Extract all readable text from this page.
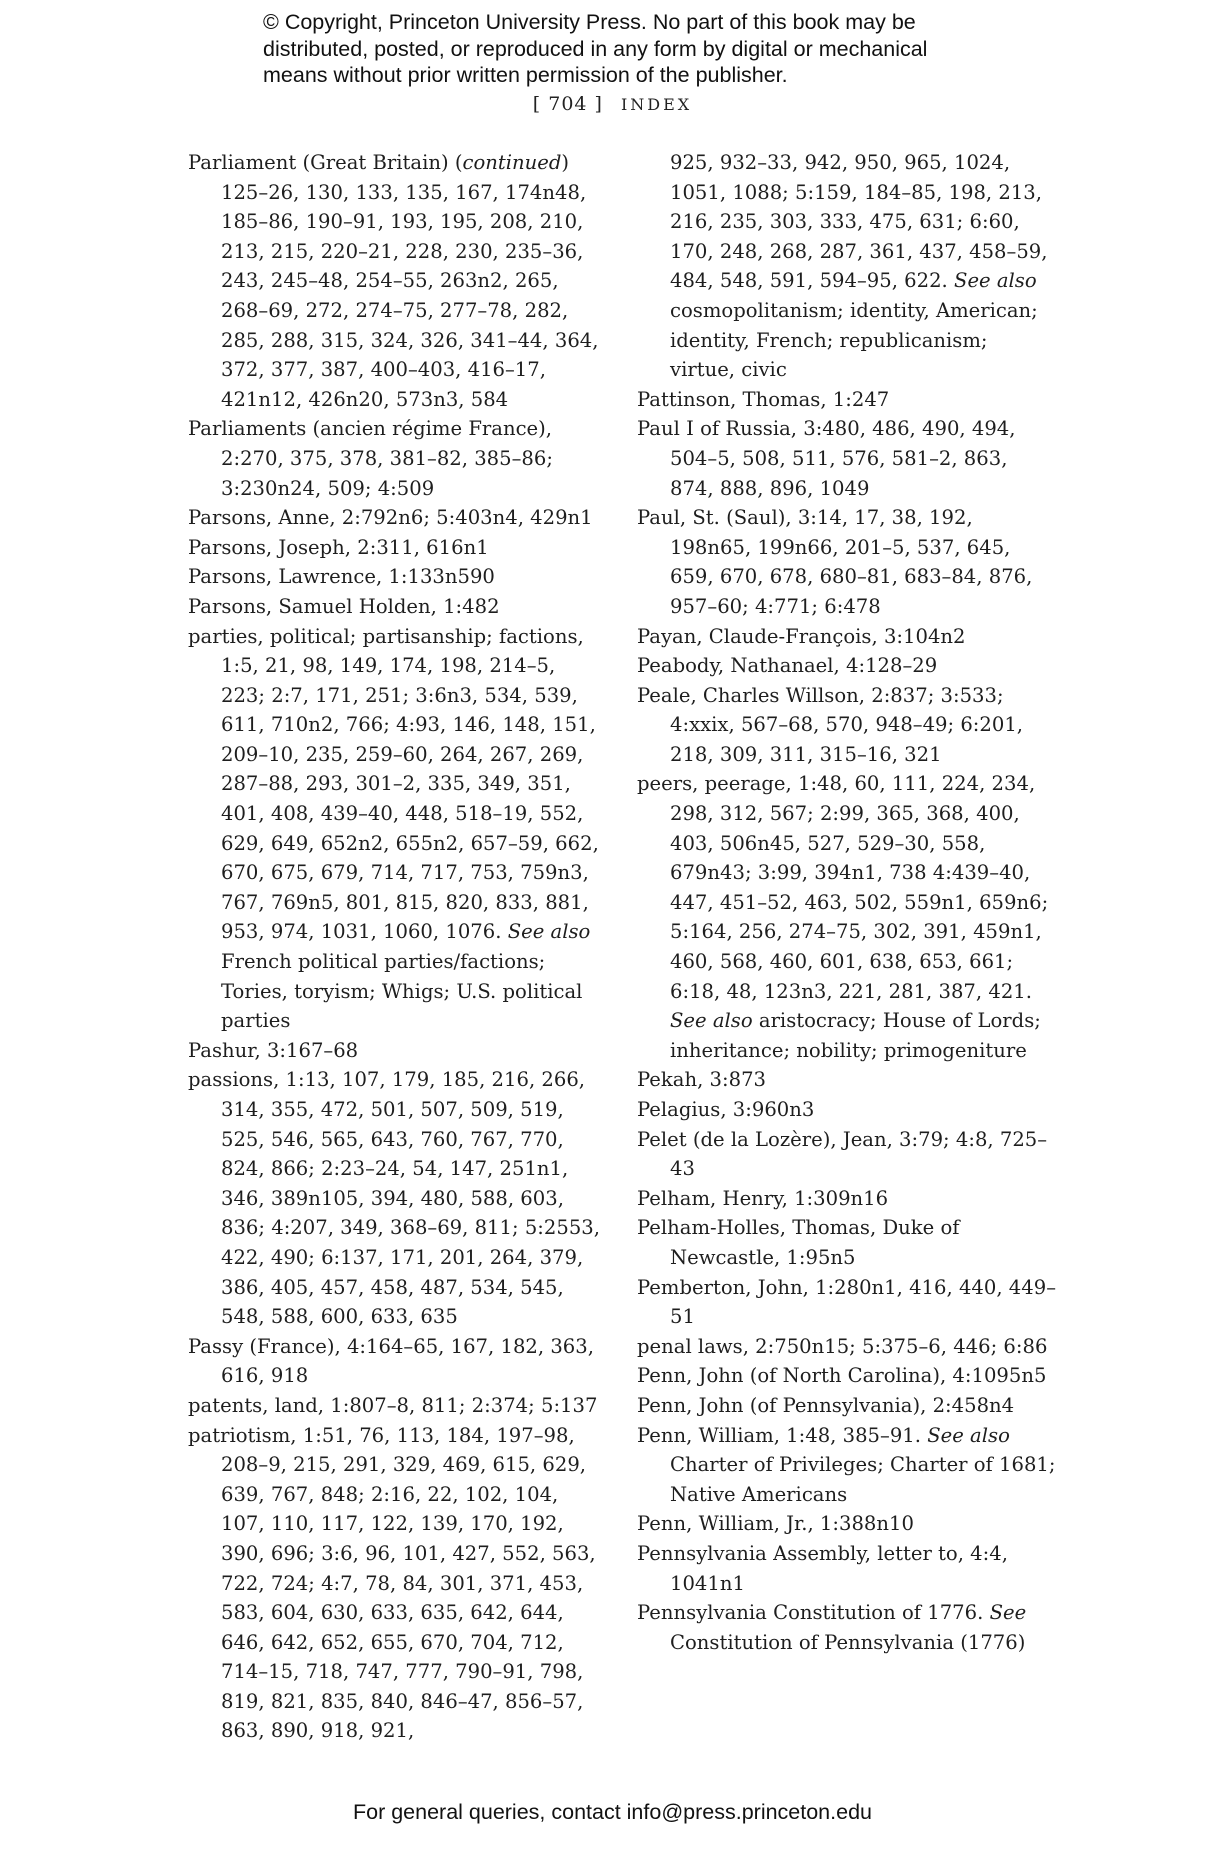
© Copyright, Princeton University Press. No part of this book may be
distributed, posted, or reproduced in any form by digital or mechanical
means without prior written permission of the publisher.
[ 704 ] INDEX
Parliament (Great Britain) (continued)
125–26, 130, 133, 135, 167, 174n48, 185–86, 190–91, 193, 195, 208, 210, 213, 215, 220–21, 228, 230, 235–36, 243, 245–48, 254–55, 263n2, 265, 268–69, 272, 274–75, 277–78, 282, 285, 288, 315, 324, 326, 341–44, 364, 372, 377, 387, 400–403, 416–17, 421n12, 426n20, 573n3, 584
Parliaments (ancien régime France), 2:270, 375, 378, 381–82, 385–86; 3:230n24, 509; 4:509
Parsons, Anne, 2:792n6; 5:403n4, 429n1
Parsons, Joseph, 2:311, 616n1
Parsons, Lawrence, 1:133n590
Parsons, Samuel Holden, 1:482
parties, political; partisanship; factions, 1:5, 21, 98, 149, 174, 198, 214–5, 223; 2:7, 171, 251; 3:6n3, 534, 539, 611, 710n2, 766; 4:93, 146, 148, 151, 209–10, 235, 259–60, 264, 267, 269, 287–88, 293, 301–2, 335, 349, 351, 401, 408, 439–40, 448, 518–19, 552, 629, 649, 652n2, 655n2, 657–59, 662, 670, 675, 679, 714, 717, 753, 759n3, 767, 769n5, 801, 815, 820, 833, 881, 953, 974, 1031, 1060, 1076. See also French political parties/factions; Tories, toryism; Whigs; U.S. political parties
Pashur, 3:167–68
passions, 1:13, 107, 179, 185, 216, 266, 314, 355, 472, 501, 507, 509, 519, 525, 546, 565, 643, 760, 767, 770, 824, 866; 2:23–24, 54, 147, 251n1, 346, 389n105, 394, 480, 588, 603, 836; 4:207, 349, 368–69, 811; 5:2553, 422, 490; 6:137, 171, 201, 264, 379, 386, 405, 457, 458, 487, 534, 545, 548, 588, 600, 633, 635
Passy (France), 4:164–65, 167, 182, 363, 616, 918
patents, land, 1:807–8, 811; 2:374; 5:137
patriotism, 1:51, 76, 113, 184, 197–98, 208–9, 215, 291, 329, 469, 615, 629, 639, 767, 848; 2:16, 22, 102, 104, 107, 110, 117, 122, 139, 170, 192, 390, 696; 3:6, 96, 101, 427, 552, 563, 722, 724; 4:7, 78, 84, 301, 371, 453, 583, 604, 630, 633, 635, 642, 644, 646, 642, 652, 655, 670, 704, 712, 714–15, 718, 747, 777, 790–91, 798, 819, 821, 835, 840, 846–47, 856–57, 863, 890, 918, 921,
925, 932–33, 942, 950, 965, 1024, 1051, 1088; 5:159, 184–85, 198, 213, 216, 235, 303, 333, 475, 631; 6:60, 170, 248, 268, 287, 361, 437, 458–59, 484, 548, 591, 594–95, 622. See also cosmopolitanism; identity, American; identity, French; republicanism; virtue, civic
Pattinson, Thomas, 1:247
Paul I of Russia, 3:480, 486, 490, 494, 504–5, 508, 511, 576, 581–2, 863, 874, 888, 896, 1049
Paul, St. (Saul), 3:14, 17, 38, 192, 198n65, 199n66, 201–5, 537, 645, 659, 670, 678, 680–81, 683–84, 876, 957–60; 4:771; 6:478
Payan, Claude-François, 3:104n2
Peabody, Nathanael, 4:128–29
Peale, Charles Willson, 2:837; 3:533; 4:xxix, 567–68, 570, 948–49; 6:201, 218, 309, 311, 315–16, 321
peers, peerage, 1:48, 60, 111, 224, 234, 298, 312, 567; 2:99, 365, 368, 400, 403, 506n45, 527, 529–30, 558, 679n43; 3:99, 394n1, 738 4:439–40, 447, 451–52, 463, 502, 559n1, 659n6; 5:164, 256, 274–75, 302, 391, 459n1, 460, 568, 460, 601, 638, 653, 661; 6:18, 48, 123n3, 221, 281, 387, 421. See also aristocracy; House of Lords; inheritance; nobility; primogeniture
Pekah, 3:873
Pelagius, 3:960n3
Pelet (de la Lozère), Jean, 3:79; 4:8, 725–43
Pelham, Henry, 1:309n16
Pelham-Holles, Thomas, Duke of Newcastle, 1:95n5
Pemberton, John, 1:280n1, 416, 440, 449–51
penal laws, 2:750n15; 5:375–6, 446; 6:86
Penn, John (of North Carolina), 4:1095n5
Penn, John (of Pennsylvania), 2:458n4
Penn, William, 1:48, 385–91. See also Charter of Privileges; Charter of 1681; Native Americans
Penn, William, Jr., 1:388n10
Pennsylvania Assembly, letter to, 4:4, 1041n1
Pennsylvania Constitution of 1776. See Constitution of Pennsylvania (1776)
For general queries, contact info@press.princeton.edu
